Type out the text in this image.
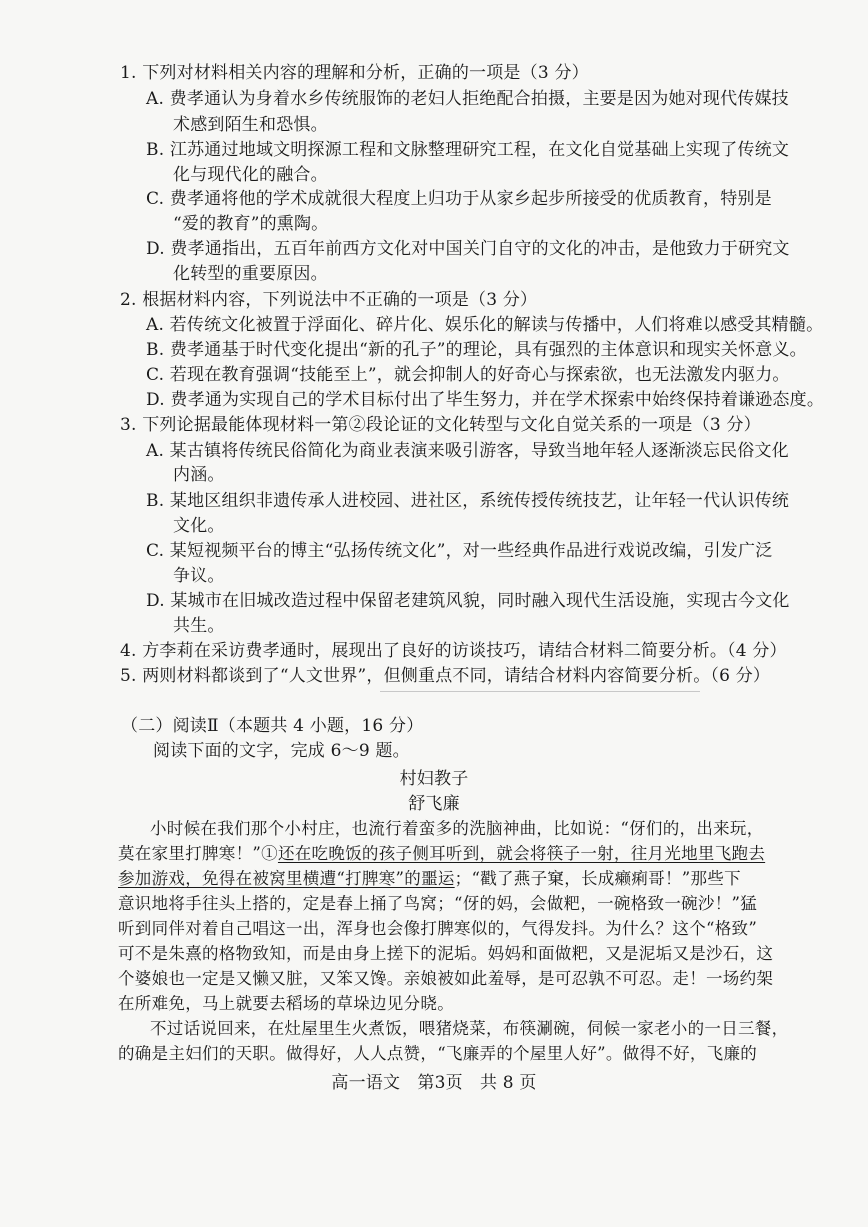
1. 下列对材料相关内容的理解和分析，正确的一项是（3 分）
A. 费孝通认为身着水乡传统服饰的老妇人拒绝配合拍摄，主要是因为她对现代传媒技
术感到陌生和恐惧。
B. 江苏通过地域文明探源工程和文脉整理研究工程，在文化自觉基础上实现了传统文
化与现代化的融合。
C. 费孝通将他的学术成就很大程度上归功于从家乡起步所接受的优质教育，特别是
“爱的教育”的熏陶。
D. 费孝通指出，五百年前西方文化对中国关门自守的文化的冲击，是他致力于研究文
化转型的重要原因。
2. 根据材料内容，下列说法中不正确的一项是（3 分）
A. 若传统文化被置于浮面化、碎片化、娱乐化的解读与传播中，人们将难以感受其精髓。
B. 费孝通基于时代变化提出“新的孔子”的理论，具有强烈的主体意识和现实关怀意义。
C. 若现在教育强调“技能至上”，就会抑制人的好奇心与探索欲，也无法激发内驱力。
D. 费孝通为实现自己的学术目标付出了毕生努力，并在学术探索中始终保持着谦逊态度。
3. 下列论据最能体现材料一第②段论证的文化转型与文化自觉关系的一项是（3 分）
A. 某古镇将传统民俗简化为商业表演来吸引游客，导致当地年轻人逐渐淡忘民俗文化
内涵。
B. 某地区组织非遗传承人进校园、进社区，系统传授传统技艺，让年轻一代认识传统
文化。
C. 某短视频平台的博主“弘扬传统文化”，对一些经典作品进行戏说改编，引发广泛
争议。
D. 某城市在旧城改造过程中保留老建筑风貌，同时融入现代生活设施，实现古今文化
共生。
4. 方李莉在采访费孝通时，展现出了良好的访谈技巧，请结合材料二简要分析。（4 分）
5. 两则材料都谈到了“人文世界”，但侧重点不同，请结合材料内容简要分析。（6 分）
（二）阅读Ⅱ（本题共 4 小题，16 分）
阅读下面的文字，完成 6～9 题。
村妇教子
舒飞廉
小时候在我们那个小村庄，也流行着蛮多的洗脑神曲，比如说：“伢们的，出来玩，
莫在家里打脾寒！”①还在吃晚饭的孩子侧耳听到，就会将筷子一射，往月光地里飞跑去
参加游戏，免得在被窝里横遭“打脾寒”的噩运；“戳了燕子窠，长成癞痢哥！”那些下
意识地将手往头上搭的，定是春上捅了鸟窝；“伢的妈，会做粑，一碗格致一碗沙！”猛
听到同伴对着自己唱这一出，浑身也会像打脾寒似的，气得发抖。为什么？这个“格致”
可不是朱熹的格物致知，而是由身上搓下的泥垢。妈妈和面做粑，又是泥垢又是沙石，这
个婆娘也一定是又懒又脏，又笨又馋。亲娘被如此羞辱，是可忍孰不可忍。走！一场约架
在所难免，马上就要去稻场的草垛边见分晓。
不过话说回来，在灶屋里生火煮饭，喂猪烧菜，布筷涮碗，伺候一家老小的一日三餐，
的确是主妇们的天职。做得好，人人点赞，“飞廉弄的个屋里人好”。做得不好，飞廉的
高一语文　第3页　共 8 页
